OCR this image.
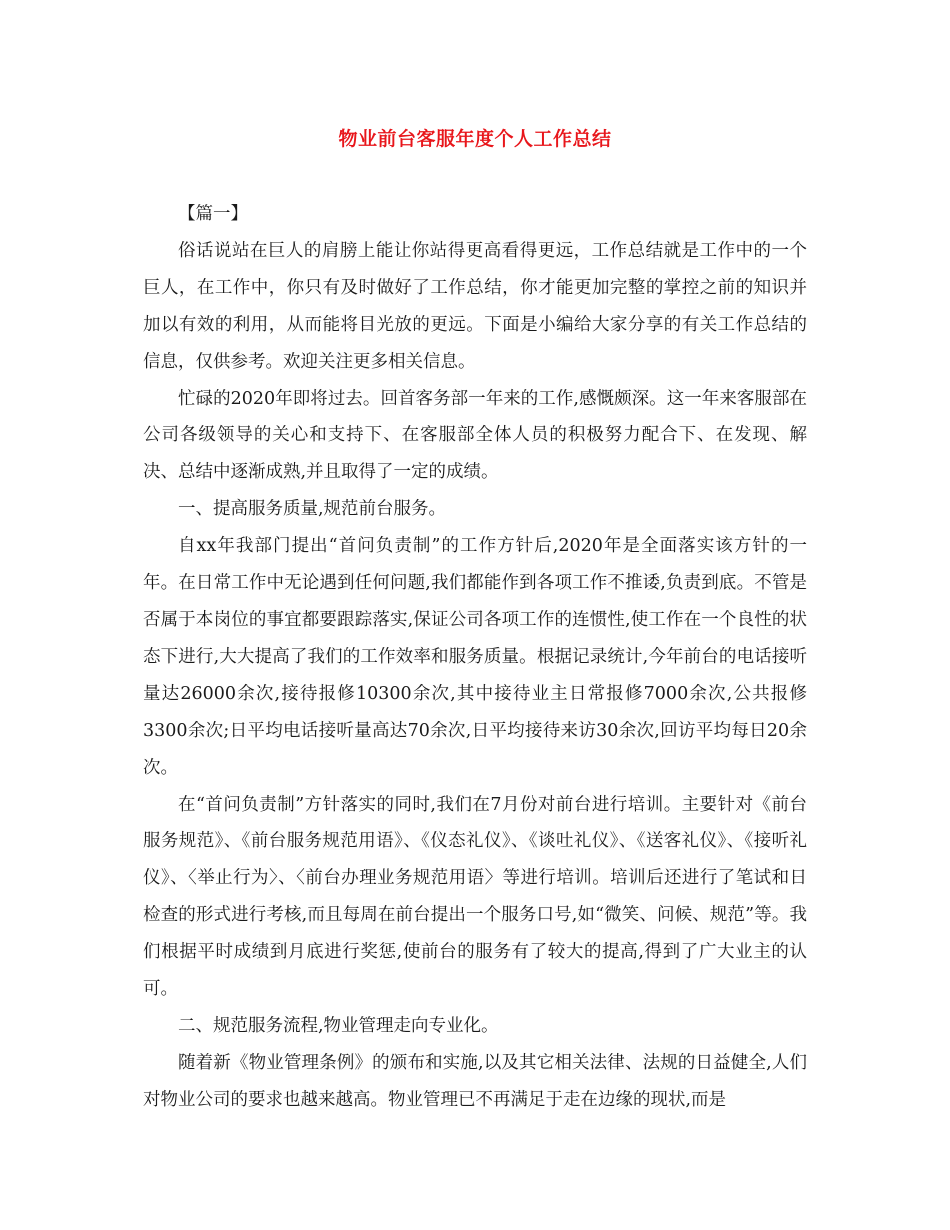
物业前台客服年度个人工作总结

【篇一】

俗话说站在巨人的肩膀上能让你站得更高看得更远，工作总结就是工作中的一个巨人，在工作中，你只有及时做好了工作总结，你才能更加完整的掌控之前的知识并加以有效的利用，从而能将目光放的更远。下面是小编给大家分享的有关工作总结的信息，仅供参考。欢迎关注更多相关信息。

忙碌的2020年即将过去。回首客务部一年来的工作,感慨颇深。这一年来客服部在公司各级领导的关心和支持下、在客服部全体人员的积极努力配合下、在发现、解决、总结中逐渐成熟,并且取得了一定的成绩。

一、提高服务质量,规范前台服务。

自xx年我部门提出“首问负责制”的工作方针后,2020年是全面落实该方针的一年。在日常工作中无论遇到任何问题,我们都能作到各项工作不推诿,负责到底。不管是否属于本岗位的事宜都要跟踪落实,保证公司各项工作的连惯性,使工作在一个良性的状态下进行,大大提高了我们的工作效率和服务质量。根据记录统计,今年前台的电话接听量达26000余次,接待报修10300余次,其中接待业主日常报修7000余次,公共报修3300余次;日平均电话接听量高达70余次,日平均接待来访30余次,回访平均每日20余次。

在“首问负责制”方针落实的同时,我们在7月份对前台进行培训。主要针对《前台服务规范》、《前台服务规范用语》、《仪态礼仪》、《谈吐礼仪》、《送客礼仪》、《接听礼仪》、〈举止行为〉、〈前台办理业务规范用语〉等进行培训。培训后还进行了笔试和日检查的形式进行考核,而且每周在前台提出一个服务口号,如“微笑、问候、规范”等。我们根据平时成绩到月底进行奖惩,使前台的服务有了较大的提高,得到了广大业主的认可。

二、规范服务流程,物业管理走向专业化。

随着新《物业管理条例》的颁布和实施,以及其它相关法律、法规的日益健全,人们对物业公司的要求也越来越高。物业管理已不再满足于走在边缘的现状,而是
